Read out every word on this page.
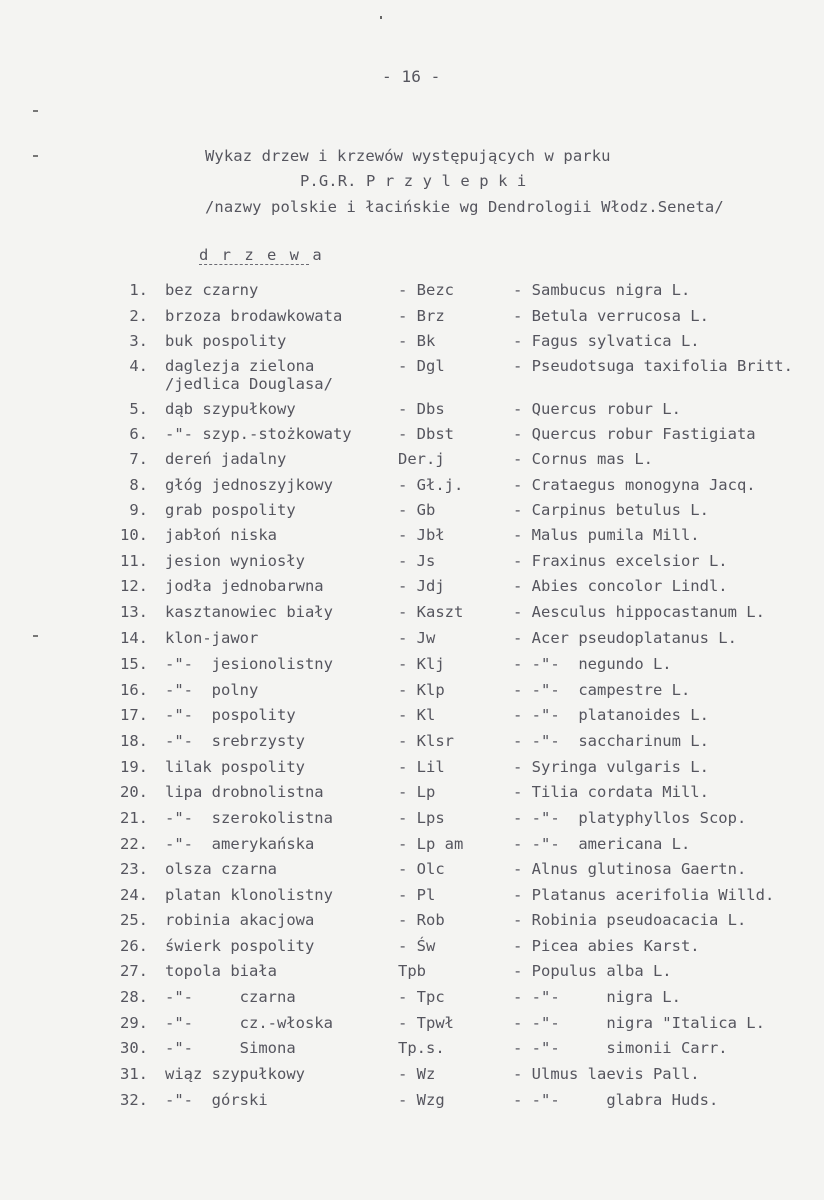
- 16 -
Wykaz drzew i krzewów występujących w parku
P.G.R. P r z y l e p k i
/nazwy polskie i łacińskie wg Dendrologii Włodz.Seneta/
d r z e w a
1. bez czarny	- Bezc	- Sambucus nigra L.
2. brzoza brodawkowata	- Brz	- Betula verrucosa L.
3. buk pospolity	- Bk	- Fagus sylvatica L.
4. daglezja zielona
/jedlica Douglasa/
- Dgl	- Pseudotsuga taxifolia Britt.
5. dąb szypułkowy	- Dbs	- Quercus robur L.
6. -"- szyp.-stożkowaty	- Dbst	- Quercus robur Fastigiata
7. dereń jadalny	Der.j	- Cornus mas L.
8. głóg jednoszyjkowy	- Gł.j.	- Crataegus monogyna Jacq.
9. grab pospolity	- Gb	- Carpinus betulus L.
10. jabłoń niska	- Jbł	- Malus pumila Mill.
11. jesion wyniosły	- Js	- Fraxinus excelsior L.
12. jodła jednobarwna	- Jdj	- Abies concolor Lindl.
13. kasztanowiec biały	- Kaszt	- Aesculus hippocastanum L.
14. klon-jawor	- Jw	- Acer pseudoplatanus L.
15. -"-  jesionolistny	- Klj	- -"-  negundo L.
16. -"-  polny	- Klp	- -"-  campestre L.
17. -"-  pospolity	- Kl	- -"-  platanoides L.
18. -"-  srebrzysty	- Klsr	- -"-  saccharinum L.
19. lilak pospolity	- Lil	- Syringa vulgaris L.
20. lipa drobnolistna	- Lp	- Tilia cordata Mill.
21. -"-  szerokolistna	- Lps	- -"-  platyphyllos Scop.
22. -"-  amerykańska	- Lp am	- -"-  americana L.
23. olsza czarna	- Olc	- Alnus glutinosa Gaertn.
24. platan klonolistny	- Pl	- Platanus acerifolia Willd.
25. robinia akacjowa	- Rob	- Robinia pseudoacacia L.
26. świerk pospolity	- Św	- Picea abies Karst.
27. topola biała	Tpb	- Populus alba L.
28. -"-     czarna	- Tpc	- -"-     nigra L.
29. -"-     cz.-włoska	- Tpwł	- -"-     nigra "Italica L.
30. -"-     Simona	Tp.s.	- -"-     simonii Carr.
31. wiąz szypułkowy	- Wz	- Ulmus laevis Pall.
32. -"-  górski	- Wzg	- -"-     glabra Huds.
